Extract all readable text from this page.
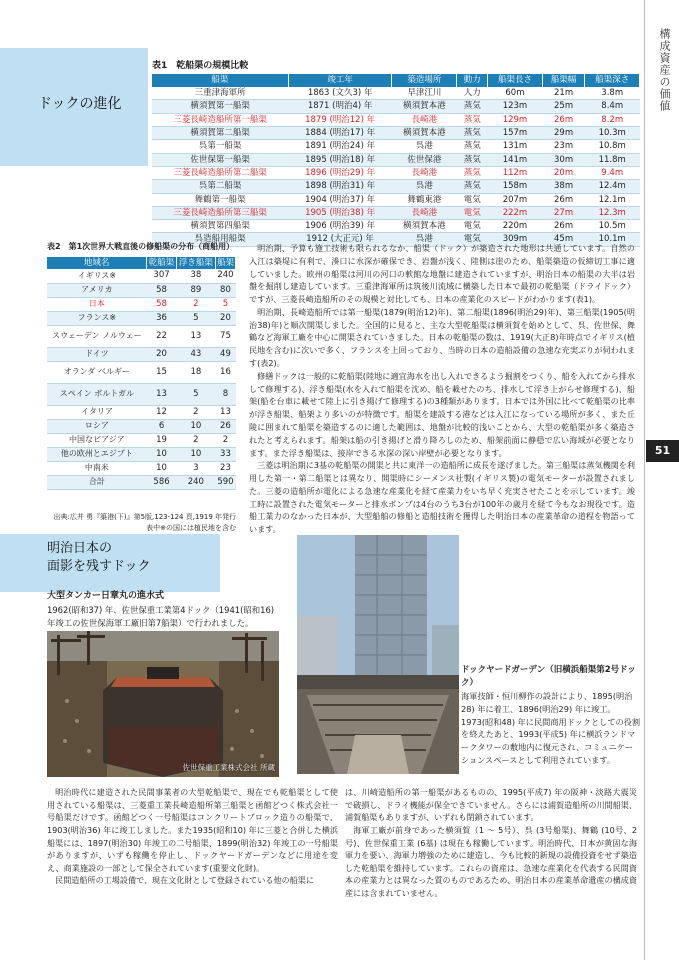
構成資産の価値
51
ドックの進化
表1　乾船渠の規模比較
船渠	竣工年	築造場所	動力	船渠長さ	船渠幅	船渠深さ
三重津海軍所	1863 (文久3) 年	早津江川	人力	60m	21m	3.8m
横須賀第一船渠	1871 (明治4) 年	横須賀本港	蒸気	123m	25m	8.4m
三菱長崎造船所第一船渠	1879 (明治12) 年	長崎港	蒸気	129m	26m	8.2m
横須賀第二船渠	1884 (明治17) 年	横須賀本港	蒸気	157m	29m	10.3m
呉第一船渠	1891 (明治24) 年	呉港	蒸気	131m	23m	10.8m
佐世保第一船渠	1895 (明治18) 年	佐世保港	蒸気	141m	30m	11.8m
三菱長崎造船所第二船渠	1896 (明治29) 年	長崎港	蒸気	112m	20m	9.4m
呉第二船渠	1898 (明治31) 年	呉港	蒸気	158m	38m	12.4m
舞鶴第一船渠	1904 (明治37) 年	舞鶴東港	電気	207m	26m	12.1m
三菱長崎造船所第三船渠	1905 (明治38) 年	長崎港	電気	222m	27m	12.3m
横須賀第四船渠	1906 (明治39) 年	横須賀本港	電気	220m	26m	10.5m
呉造船用船渠	1912 (大正元) 年	呉港	電気	309m	45m	10.1m
表2　第1次世界大戦直後の修船渠の分布（商船用）
地域名	乾船渠	浮き船渠	船架
イギリス※	307	38	240
アメリカ	58	89	80
日本	58	2	5
フランス※	36	5	20
スウェーデン ノルウェー	22	13	75
ドイツ	20	43	49
オランダ ベルギー	15	18	16
スペイン ポルトガル	13	5	8
イタリア	12	2	13
ロシア	6	10	26
中国なビアジア	19	2	2
他の欧州とエジプト	10	10	33
中南米	10	3	23
合計	586	240	590
出典:広井 勇『築港(下)』第5版,123-124 頁,1919 年発行
表中※の国には植民地を含む

明治期、予算も施工技術も限られるなか、船渠（ドック）が築造された地形は共通しています。自然の入江は築堤に有利で、湊口に水深が確保でき、岩盤が浅く、陸側は崖のため、船渠築造の仮締切工事に適していました。欧州の船渠は河川の河口の軟館な地盤に建造されていますが、明治日本の船渠の大半は岩盤を掘削し建造しています。三重津海軍所は筑後川流域に構築した日本で最初の乾船渠（ドライドック）ですが、三菱長崎造船所のその規模と対比しても、日本の産業化のスピードがわかります(表1)。

明治期、長崎造船所では第一船渠(1879(明治12)年)、第二船渠(1896(明治29)年)、第三船渠(1905(明治38)年)と順次開渠しました。全国的に見ると、主な大型乾船渠は横須賀を始めとして、呉、佐世保、舞鶴など海軍工廠を中心に開渠されていきました。日本の乾船渠の数は、1919(大正8)年時点でイギリス(植民地を含む)に次いで多く、フランスを上回っており、当時の日本の造船設備の急速な充実ぶりが伺われます(表2)。

修繕ドックは一般的に乾船渠(陸地に適宜海水を出し入れできるよう掘割をつくり、船を入れてから排水して修理する)、浮き船渠(水を入れて船渠を沈め、船を載せたのち、排水して浮き上がらせ修理する)、船架(船を台車に載せて陸上に引き揚げて修理する)の3種類があります。日本では外国に比べて乾船渠の比率が浮き船渠、船架より多いのが特徴です。船渠を建設する港などは入江になっている場所が多く、また丘陵に囲まれて船渠を築造するのに適した範囲は、地盤が比較的浅いことから、大型の乾船渠が多く築造されたと考えられます。船架は船の引き揚げと滑り降ろしのため、船架前面に静穏で広い海域が必要となります。また浮き船渠は、接岸できる水深の深い岸壁が必要となります。

三菱は明治期に3基の乾船渠の開渠と共に東洋一の造船所に成長を遂げました。第三船渠は蒸気機関を利用した第一・第二船渠とは異なり、開渠時にシーメンス社製(イギリス製)の電気モーターが設置されました。三菱の造船所が電化による急速な産業化を経て産業力をいち早く充実させたことを示しています。竣工時に設置された電気モーターと排水ポンプは4台のうち3台が100年の歳月を経て今もなお現役です。造船工業力のなかった日本が、大型船舶の修船と造船技術を獲得した明治日本の産業革命の道程を物語っています。

明治日本の
面影を残すドック
大型タンカー日章丸の進水式
1962(昭和37) 年、佐世保重工業第4ドック（1941(昭和16) 年竣工の佐世保海軍工廠旧第7船渠）で行われました。
佐世保重工業株式会社 所蔵
ドックヤードガーデン（旧横浜船渠第2号ドック）
海軍技師・恒川柳作の設計により、1895(明治28) 年に着工、1896(明治29) 年に竣工。1973(昭和48) 年に民間商用ドックとしての役割を終えたあと、1993(平成5) 年に横浜ランドマークタワーの敷地内に復元され、コミュニケーションスペースとして利用されています。

明治時代に建造された民間事業者の大型乾船渠で、現在でも乾船渠として使用されている船渠は、三菱重工業長崎造船所第三船渠と函館どつく株式会社一号船渠だけです。函館どつく一号船渠はコンクリートブロック造りの船渠で、1903(明治36) 年に竣工しました。また1935(昭和10) 年に三菱と合併した横浜船渠には、1897(明治30) 年竣工の二号船渠、1899(明治32) 年竣工の一号船渠がありますが、いずも稼働を停止し、ドックヤードガーデンなどに用途を変え、商業施設の一部として保全されています(重要文化財)。

民間造船所の工場設備で、現在文化財として登録されている他の船渠に

は、川崎造船所の第一船渠があるものの、1995(平成7) 年の阪神・淡路大震災で破損し、ドライ機能が保全できていません。さらには浦賀造船所の川間船渠、浦賀船渠もありますが、いずれも閉鎖されています。

海軍工廠が前身であった横須賀（1 ～ 5号）、呉 (3号船渠)、舞鶴 (10号、2号)、佐世保重工業 (6基) は現在も稼働しています。明治時代、日本が黄固な海軍力を要い、海軍力増強のために建造し、今も比較的新規の設備投資をせず築造した乾船渠を維持しています。これらの資産は、急速な産業化を代表する民間資本の産業力とは異なった質のものであるため、明治日本の産業革命遺産の構成資産には含まれていません。
